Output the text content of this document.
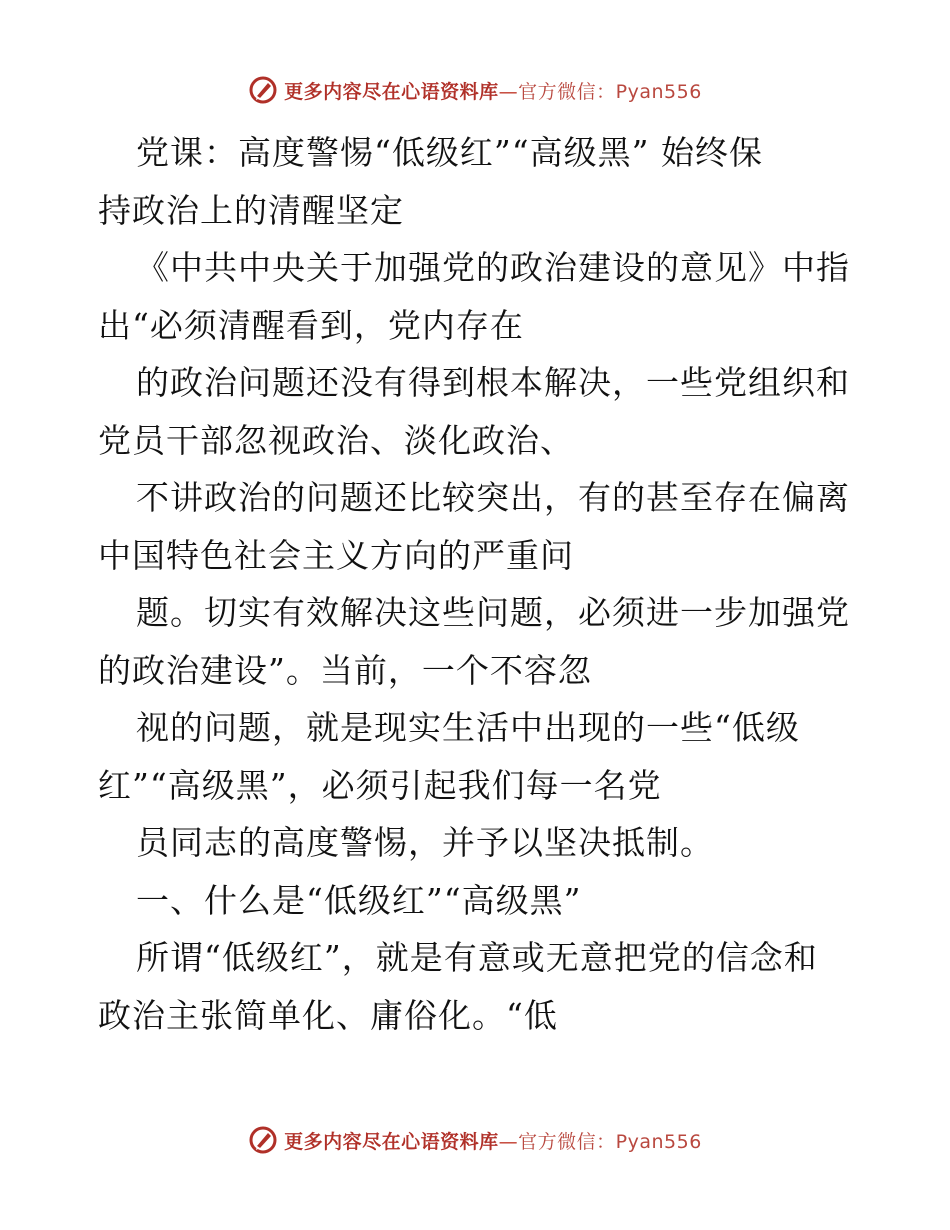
更多内容尽在心语资料库—官方微信：Pyan556
党课：高度警惕“低级红”“高级黑” 始终保
持政治上的清醒坚定
《中共中央关于加强党的政治建设的意见》中指
出“必须清醒看到，党内存在
的政治问题还没有得到根本解决，一些党组织和
党员干部忽视政治、淡化政治、
不讲政治的问题还比较突出，有的甚至存在偏离
中国特色社会主义方向的严重问
题。切实有效解决这些问题，必须进一步加强党
的政治建设”。当前，一个不容忽
视的问题，就是现实生活中出现的一些“低级
红”“高级黑”，必须引起我们每一名党
员同志的高度警惕，并予以坚决抵制。
一、什么是“低级红”“高级黑”
所谓“低级红”，就是有意或无意把党的信念和
政治主张简单化、庸俗化。“低
更多内容尽在心语资料库—官方微信：Pyan556
